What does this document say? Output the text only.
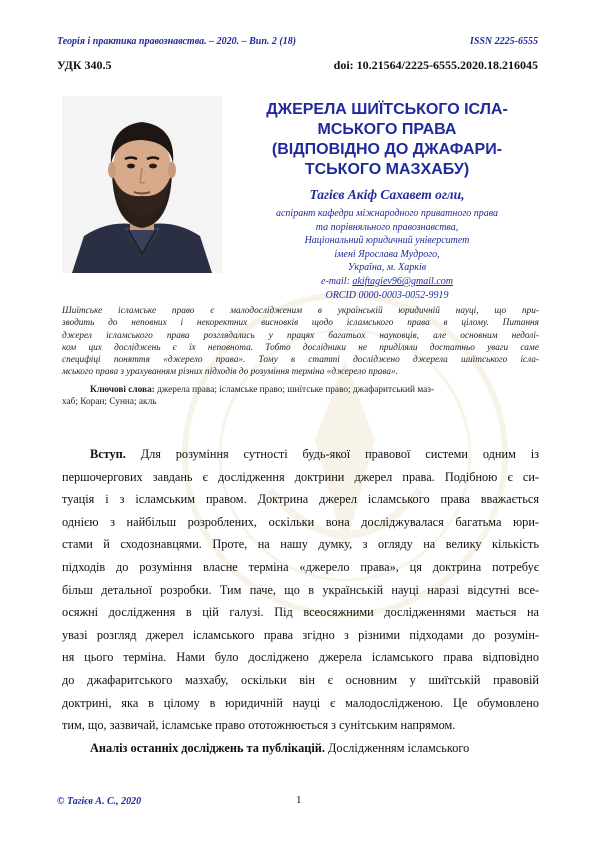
Теорія і практика правознавства. – 2020. – Вип. 2 (18)	ISSN 2225-6555
УДК 340.5	doi: 10.21564/2225-6555.2020.18.216045
ДЖЕРЕЛА ШИЇТСЬКОГО ІСЛА-
МСЬКОГО ПРАВА
(ВІДПОВІДНО ДО ДЖАФАРИ-
ТСЬКОГО МАЗХАБУ)
Тагієв Акіф Сахавет огли,
аспірант кафедри міжнародного приватного права
та порівняльного правознавства,
Національний юридичний університет
імені Ярослава Мудрого,
Україна, м. Харків
e-mail: akiftagiev96@gmail.com
ORCID 0000-0003-0052-9919
Шиїтське ісламське право є малодослідженим в українській юридичній науці, що при-
зводить до неповних і некоректних висновків щодо ісламського права в цілому. Питання
джерел ісламського права розглядались у працях багатьох науковців, але основним недолі-
ком цих досліджень є їх неповнота. Тобто дослідники не приділяли достатньо уваги саме
специфіці поняття «джерело права». Тому в статті досліджено джерела шиїтського іслa-
мського права з урахуванням різних підходів до розуміння терміна «джерело права».
Ключові слова: джерела права; ісламське право; шиїтське право; джафаритський маз-
хаб; Коран; Сунна; акль
Вступ. Для розуміння сутності будь-якої правової системи одним із
першочергових завдань є дослідження доктрини джерел права. Подібною є си-
туація і з ісламським правом. Доктрина джерел ісламського права вважається
однією з найбільш розроблених, оскільки вона досліджувалася багатьма юри-
стами й сходознавцями. Проте, на нашу думку, з огляду на велику кількість
підходів до розуміння власне терміна «джерело права», ця доктрина потребує
більш детальної розробки. Тим паче, що в українській науці наразі відсутні все-
осяжні дослідження в цій галузі. Під всеосяжними дослідженнями мається на
увазі розгляд джерел ісламського права згідно з різними підходами до розумін-
ня цього терміна. Нами було досліджено джерела ісламського права відповідно
до джафаритського мазхабу, оскільки він є основним у шиїтській правовій
доктрині, яка в цілому в юридичній науці є малодослідженою. Це обумовлено
тим, що, зазвичай, ісламське право ототожнюється з сунітським напрямом.
Аналіз останніх досліджень та публікацій. Дослідженням ісламського
© Тагієв А. С., 2020	1
